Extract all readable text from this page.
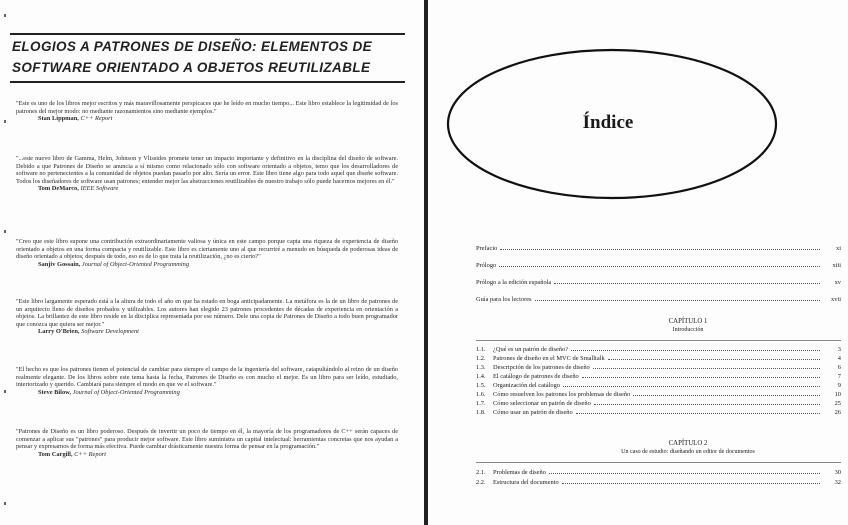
ELOGIOS A PATRONES DE DISEÑO: ELEMENTOS DE
SOFTWARE ORIENTADO A OBJETOS REUTILIZABLE
"Este es uno de los libros mejor escritos y más maravillosamente perspicaces que he leído en mucho tiempo... Este libro establece la legitimidad de los patrones del mejor modo: no mediante razonamientos sino mediante ejemplos."
Stan Lippman, C++ Report
"...este nuevo libro de Gamma, Helm, Johnson y Vlissides promete tener un impacto importante y definitivo en la disciplina del diseño de software. Debido a que Patrones de Diseño se anuncia a sí mismo como relacionado sólo con software orientado a objetos, temo que los desarrolladores de software no pertenecientes a la comunidad de objetos puedan pasarlo por alto. Sería un error. Este libro tiene algo para todo aquel que diseñe software. Todos los diseñadores de software usan patrones; entender mejor las abstracciones reutilizables de nuestro trabajo sólo puede hacernos mejores en él."
Tom DeMarco, IEEE Software
"Creo que este libro supone una contribución extraordinariamente valiosa y única en este campo porque capta una riqueza de experiencia de diseño orientado a objetos en una forma compacta y reutilizable. Este libro es ciertamente uno al que recurriré a menudo en búsqueda de poderosas ideas de diseño orientado a objetos; después de todo, eso es de lo que trata la reutilización, ¿no es cierto?"
Sanjiv Gossain, Journal of Object-Oriented Programming
"Este libro largamente esperado está a la altura de todo el año en que ha estado en boga anticipadamente. La metáfora es la de un libro de patrones de un arquitecto lleno de diseños probados y utilizables. Los autores han elegido 23 patrones procedentes de décadas de experiencia en orientación a objetos. La brillantez de este libro reside en la disciplica representada por ese número. Dele una copia de Patrones de Diseño a todo buen programador que conozca que quiera ser mejor."
Larry O'Brien, Software Development
"El hecho es que los patrones tienen el potencial de cambiar para siempre el campo de la ingeniería del software, catapultándolo al reino de un diseño realmente elegante. De los libros sobre este tema hasta la fecha, Patrones de Diseño es con mucho el mejor. Es un libro para ser leído, estudiado, interiorizado y querido. Cambiará para siempre el modo en que ve el software."
Steve Bilow, Journal of Object-Oriented Programming
"Patrones de Diseño es un libro poderoso. Después de invertir un poco de tiempo en él, la mayoría de los programadores de C++ serán capaces de comenzar a aplicar sus "patrones" para producir mejor software. Este libro suministra un capital intelectual: herramientas concretas que nos ayudan a pensar y expresarnos de forma más efectiva. Puede cambiar drásticamente nuestra forma de pensar en la programación."
Tom Cargill, C++ Report
Índice
Prefacio	xi
Prólogo	xiii
Prólogo a la edición española	xv
Guía para los lectores	xvii
CAPÍTULO 1
Introducción
1.1.	¿Qué es un patrón de diseño?	3
1.2.	Patrones de diseño en el MVC de Smalltalk	4
1.3.	Descripción de los patrones de diseño	6
1.4.	El catálogo de patrones de diseño	7
1.5.	Organización del catálogo	9
1.6.	Cómo resuelven los patrones los problemas de diseño	10
1.7.	Cómo seleccionar un patrón de diseño	25
1.8.	Cómo usar un patrón de diseño	26
CAPÍTULO 2
Un caso de estudio: diseñando un editor de documentos
2.1.	Problemas de diseño	30
2.2.	Estructura del documento	32
